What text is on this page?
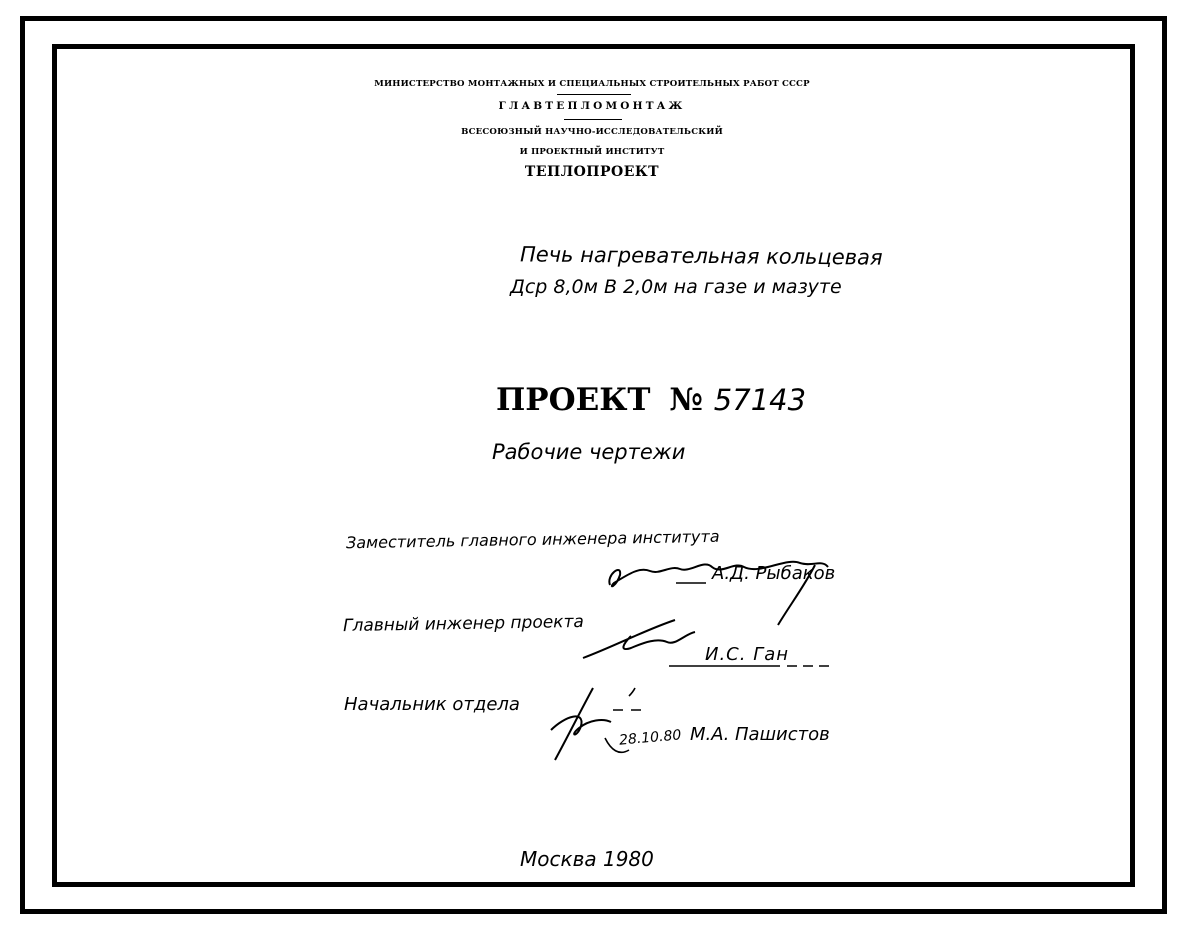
МИНИСТЕРСТВО МОНТАЖНЫХ И СПЕЦИАЛЬНЫХ СТРОИТЕЛЬНЫХ РАБОТ СССР
ГЛАВТЕПЛОМОНТАЖ
ВСЕСОЮЗНЫЙ НАУЧНО-ИССЛЕДОВАТЕЛЬСКИЙ
И ПРОЕКТНЫЙ ИНСТИТУТ
ТЕПЛОПРОЕКТ
Печь нагревательная кольцевая
Дср 8,0м В 2,0м на газе и мазуте
ПРОЕКТ № 57143
Рабочие чертежи
Заместитель главного инженера института
А.Д. Рыбаков
Главный инженер проекта
И.С. Ган
Начальник отдела
28.10.80 М.А. Пашистов
Москва 1980
